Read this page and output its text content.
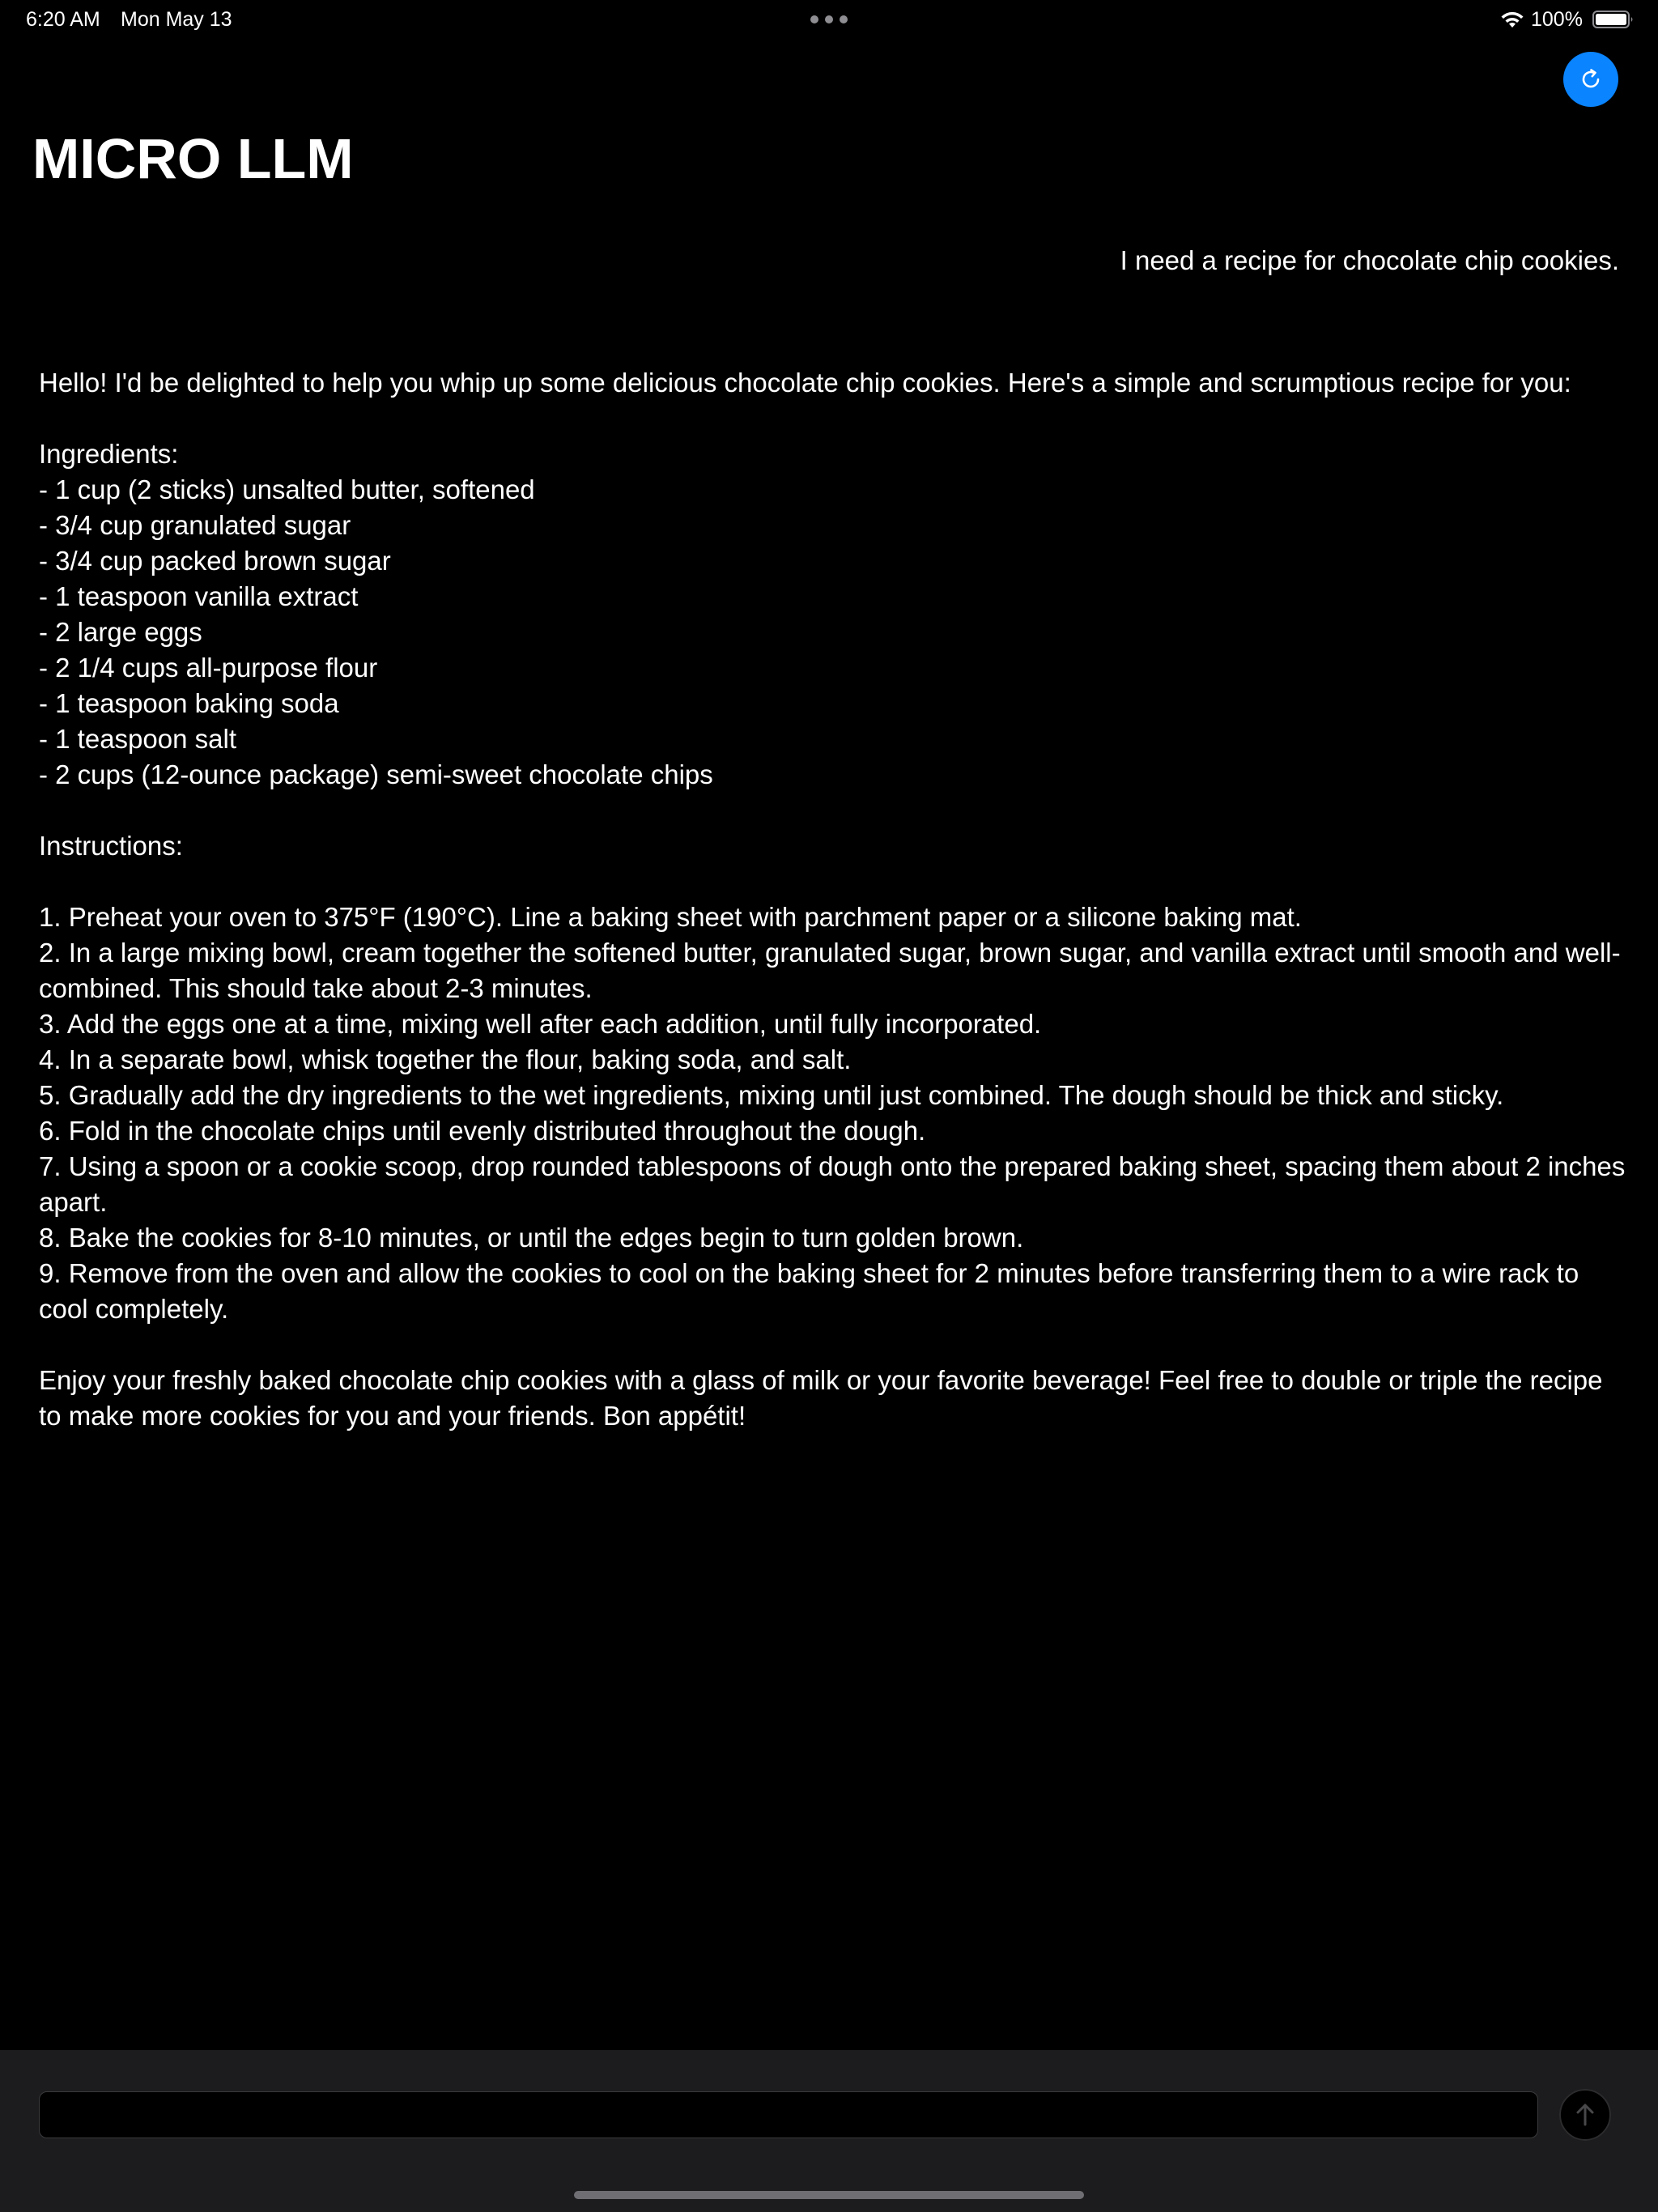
6:20 AM Mon May 13	100%
MICRO LLM
I need a recipe for chocolate chip cookies.

Hello! I'd be delighted to help you whip up some delicious chocolate chip cookies. Here's a simple and scrumptious recipe for you:

Ingredients:

- 1 cup (2 sticks) unsalted butter, softened

- 3/4 cup granulated sugar

- 3/4 cup packed brown sugar

- 1 teaspoon vanilla extract

- 2 large eggs

- 2 1/4 cups all-purpose flour

- 1 teaspoon baking soda

- 1 teaspoon salt

- 2 cups (12-ounce package) semi-sweet chocolate chips

Instructions:

1. Preheat your oven to 375°F (190°C). Line a baking sheet with parchment paper or a silicone baking mat.

2. In a large mixing bowl, cream together the softened butter, granulated sugar, brown sugar, and vanilla extract until smooth and well-combined. This should take about 2-3 minutes.

3. Add the eggs one at a time, mixing well after each addition, until fully incorporated.

4. In a separate bowl, whisk together the flour, baking soda, and salt.

5. Gradually add the dry ingredients to the wet ingredients, mixing until just combined. The dough should be thick and sticky.

6. Fold in the chocolate chips until evenly distributed throughout the dough.

7. Using a spoon or a cookie scoop, drop rounded tablespoons of dough onto the prepared baking sheet, spacing them about 2 inches apart.

8. Bake the cookies for 8-10 minutes, or until the edges begin to turn golden brown.

9. Remove from the oven and allow the cookies to cool on the baking sheet for 2 minutes before transferring them to a wire rack to cool completely.

Enjoy your freshly baked chocolate chip cookies with a glass of milk or your favorite beverage! Feel free to double or triple the recipe to make more cookies for you and your friends. Bon appétit!
